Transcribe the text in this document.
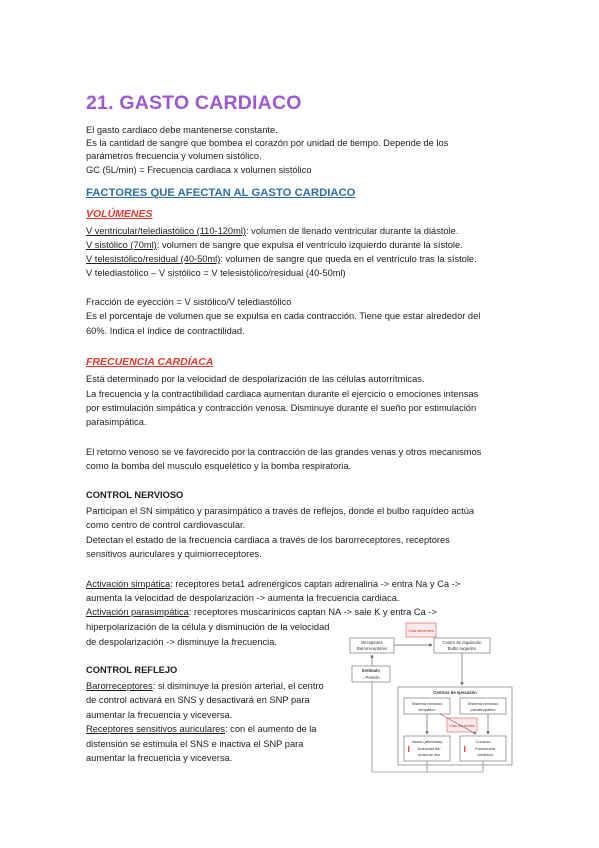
21. GASTO CARDIACO
El gasto cardiaco debe mantenerse constante.
Es la cantidad de sangre que bombea el corazón por unidad de tiempo. Depende de los
parámetros frecuencia y volumen sistólico.
GC (5L/min) = Frecuencia cardiaca x volumen sistólico
FACTORES QUE AFECTAN AL GASTO CARDIACO
VOLÚMENES
V ventricular/telediastólico (110-120ml): volumen de llenado ventricular durante la diástole.
V sistólico (70ml): volumen de sangre que expulsa el ventrículo izquierdo durante la sístole.
V telesistólico/residual (40-50ml): volumen de sangre que queda en el ventrículo tras la sístole.
V telediastólico – V sistólico = V telesistólico/residual (40-50ml)
Fracción de eyección = V sistólico/V telediastólico
Es el porcentaje de volumen que se expulsa en cada contracción. Tiene que estar alrededor del
60%. Indica el índice de contractilidad.
FRECUENCIA CARDÍACA
Está determinado por la velocidad de despolarización de las células autorrítmicas.
La frecuencia y la contractibilidad cardiaca aumentan durante el ejercicio o emociones intensas
por estimulación simpática y contracción venosa. Disminuye durante el sueño por estimulación
parasimpática.
El retorno venoso se ve favorecido por la contracción de las grandes venas y otros mecanismos
como la bomba del musculo esquelético y la bomba respiratoria.
CONTROL NERVIOSO
Participan el SN simpático y parasimpático a través de reflejos, donde el bulbo raquídeo actúa
como centro de control cardiovascular.
Detectan el estado de la frecuencia cardiaca a través de los barorreceptores, receptores
sensitivos auriculares y quimiorreceptores.
Activación simpática: receptores beta1 adrenérgicos captan adrenalina -> entra Na y Ca ->
aumenta la velocidad de despolarización -> aumenta la frecuencia cardiaca.
Activación parasimpática: receptores muscarínicos captan NA -> sale K y entra Ca ->
hiperpolarización de la célula y disminución de la velocidad
de despolarización -> disminuye la frecuencia.
CONTROL REFLEJO
Barorreceptores: si disminuye la presión arterial, el centro
de control activará en SNS y desactivará en SNP para
aumentar la frecuencia y viceversa.
Receptores sensitivos auriculares: con el aumento de la
distensión se estimula el SNS e inactiva el SNP para
aumentar la frecuencia y viceversa.
Vías aferentes
Receptores
Barorreceptores
Centro de regulación
Bulbo raquídeo
Estímulo
↓ Presión
Centros de ejecución
Sistema nervioso
simpático
Sistema nervioso
parasimpático
Vías eferentes
Vasos (arteriolas)
Actividad del
músculo liso
Corazón
Frecuencia
cardíaca
